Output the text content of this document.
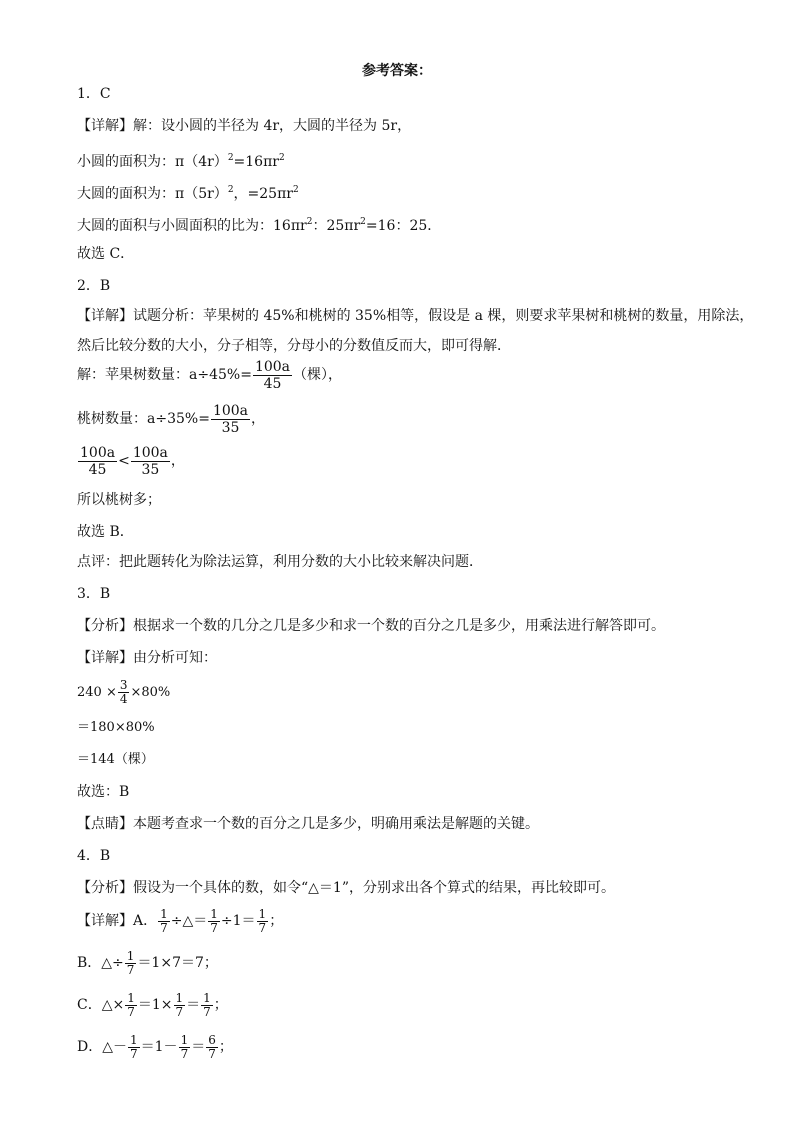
参考答案：
1．C
【详解】解：设小圆的半径为 4r，大圆的半径为 5r，
小圆的面积为：$\pi(4r)^2=16\pi r^2$
大圆的面积为：$\pi(5r)^2$，$=25\pi r^2$
大圆的面积与小圆面积的比为：$16\pi r^2$：$25\pi r^2=16$：25．
故选 C．
2．B
【详解】试题分析：苹果树的 45%和桃树的 35%相等，假设是 a 棵，则要求苹果树和桃树的数量，用除法，
然后比较分数的大小，分子相等，分母小的分数值反而大，即可得解．
解：苹果树数量：$a\div 45\%= \frac{100a}{45}$ （棵），
桃树数量：$a\div 35\%= \frac{100a}{35}$ ，
$\frac{100a}{45} < \frac{100a}{35}$ ，
所以桃树多；
故选 B．
点评：把此题转化为除法运算，利用分数的大小比较来解决问题．
3．B
【分析】根据求一个数的几分之几是多少和求一个数的百分之几是多少，用乘法进行解答即可。
【详解】由分析可知：
$240 \times \frac{3}{4} \times 80\%$
＝180×80%
＝144（棵）
故选：B
【点睛】本题考查求一个数的百分之几是多少，明确用乘法是解题的关键。
4．B
【分析】假设为一个具体的数，如令“△＝1”，分别求出各个算式的结果，再比较即可。
【详解】A． $\frac{1}{7}$ ÷△＝ $\frac{1}{7} \div 1= \frac{1}{7}$ ；
B．△÷ $\frac{1}{7} =1\times 7=7$；
C．△× $\frac{1}{7} =1\times \frac{1}{7} = \frac{1}{7}$ ；
D．△－ $\frac{1}{7} =1- \frac{1}{7} = \frac{6}{7}$ ；
